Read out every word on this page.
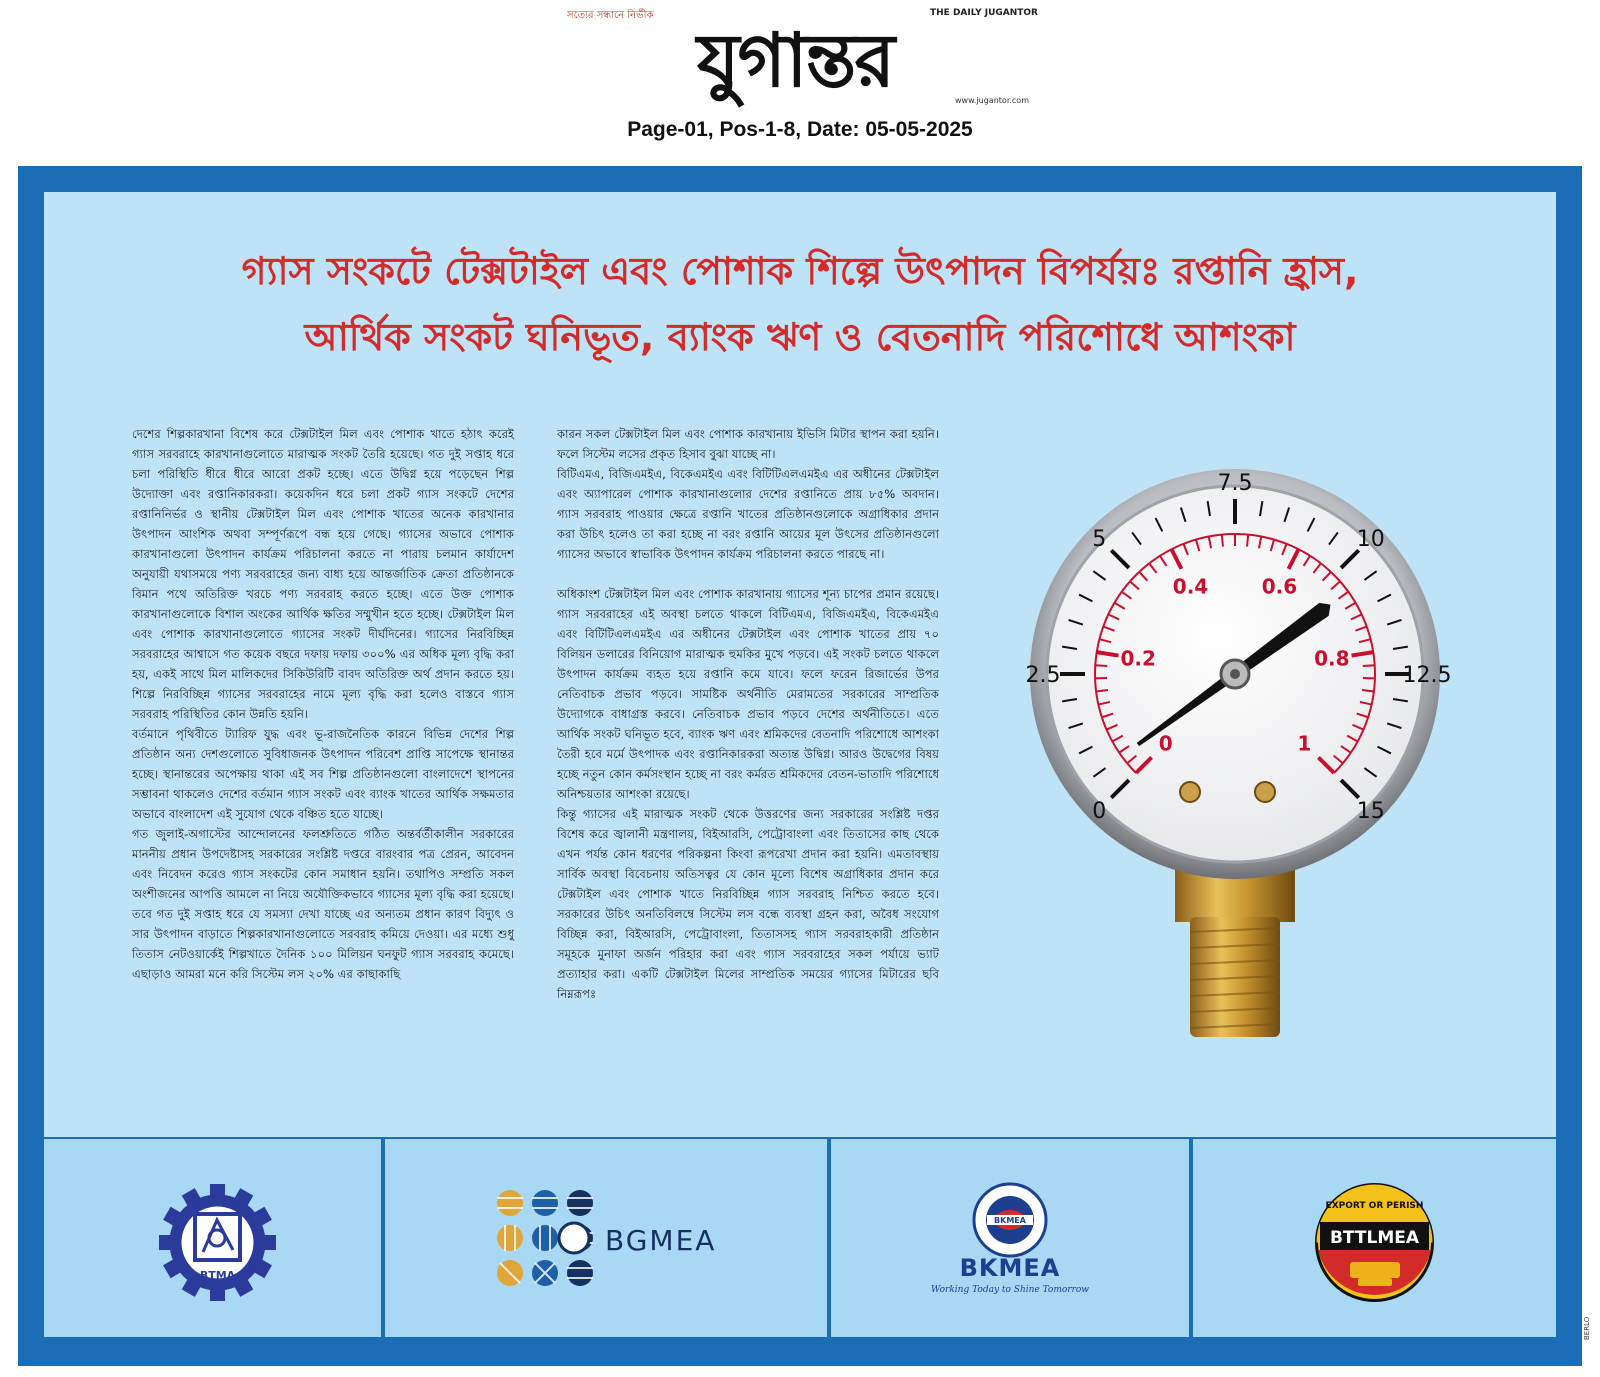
সত্যের সন্ধানে নির্ভীক	THE DAILY JUGANTOR
যুগান্তর	www.jugantor.com
Page-01, Pos-1-8, Date: 05-05-2025
গ্যাস সংকটে টেক্সটাইল এবং পোশাক শিল্পে উৎপাদন বিপর্যয়ঃ রপ্তানি হ্রাস,
আর্থিক সংকট ঘনিভূত, ব্যাংক ঋণ ও বেতনাদি পরিশোধে আশংকা

দেশের শিল্পকারখানা বিশেষ করে টেক্সটাইল মিল এবং পোশাক খাতে হঠাৎ করেই গ্যাস সরবরাহে কারখানাগুলোতে মারাত্মক সংকট তৈরি হয়েছে। গত দুই সপ্তাহ ধরে চলা পরিস্থিতি ধীরে ধীরে আরো প্রকট হচ্ছে। এতে উদ্বিগ্ন হয়ে পড়েছেন শিল্প উদ্যোক্তা এবং রপ্তানিকারকরা। কয়েকদিন ধরে চলা প্রকট গ্যাস সংকটে দেশের রপ্তানিনির্ভর ও স্থানীয় টেক্সটাইল মিল এবং পোশাক খাতের অনেক কারখানার উৎপাদন আংশিক অথবা সম্পূর্ণরূপে বন্ধ হয়ে গেছে। গ্যাসের অভাবে পোশাক কারখানাগুলো উৎপাদন কার্যক্রম পরিচালনা করতে না পারায় চলমান কার্যাদেশ অনুযায়ী যথাসময়ে পণ্য সরবরাহের জন্য বাধ্য হয়ে আন্তর্জাতিক ক্রেতা প্রতিষ্ঠানকে বিমান পথে অতিরিক্ত খরচে পণ্য সরবরাহ করতে হচ্ছে। এতে উক্ত পোশাক কারখানাগুলোকে বিশাল অংকের আর্থিক ক্ষতির সম্মুখীন হতে হচ্ছে। টেক্সটাইল মিল এবং পোশাক কারখানাগুলোতে গ্যাসের সংকট দীর্ঘদিনের। গ্যাসের নিরবিচ্ছিন্ন সরবরাহের আশ্বাসে গত কয়েক বছরে দফায় দফায় ৩০০% এর অধিক মূল্য বৃদ্ধি করা হয়, একই সাথে মিল মালিকদের সিকিউরিটি বাবদ অতিরিক্ত অর্থ প্রদান করতে হয়। শিল্পে নিরবিচ্ছিন্ন গ্যাসের সরবরাহের নামে মূল্য বৃদ্ধি করা হলেও বাস্তবে গ্যাস সরবরাহ পরিস্থিতির কোন উন্নতি হয়নি।

বর্তমানে পৃথিবীতে ট্যারিফ যুদ্ধ এবং ভূ-রাজনৈতিক কারনে বিভিন্ন দেশের শিল্প প্রতিষ্ঠান অন্য দেশগুলোতে সুবিধাজনক উৎপাদন পরিবেশ প্রাপ্তি সাপেক্ষে স্থানান্তর হচ্ছে। স্থানান্তরের অপেক্ষায় থাকা এই সব শিল্প প্রতিষ্ঠানগুলো বাংলাদেশে স্থাপনের সম্ভাবনা থাকলেও দেশের বর্তমান গ্যাস সংকট এবং ব্যাংক খাতের আর্থিক সক্ষমতার অভাবে বাংলাদেশ এই সুযোগ থেকে বঞ্চিত হতে যাচ্ছে।

গত জুলাই-অগাস্টের আন্দোলনের ফলশ্রুতিতে গঠিত অন্তর্বর্তীকালীন সরকারের মাননীয় প্রধান উপদেষ্টাসহ সরকারের সংশ্লিষ্ট দপ্তরে বারংবার পত্র প্রেরন, আবেদন এবং নিবেদন করেও গ্যাস সংকটের কোন সমাধান হয়নি। তথাপিও সম্প্রতি সকল অংশীজনের আপত্তি আমলে না নিয়ে অযৌক্তিকভাবে গ্যাসের মূল্য বৃদ্ধি করা হয়েছে। তবে গত দুই সপ্তাহ ধরে যে সমস্যা দেখা যাচ্ছে এর অন্যতম প্রধান কারণ বিদ্যুৎ ও সার উৎপাদন বাড়াতে শিল্পকারখানাগুলোতে সরবরাহ কমিয়ে দেওয়া। এর মধ্যে শুধু তিতাস নেটওয়ার্কেই শিল্পখাতে দৈনিক ১০০ মিলিয়ন ঘনফুট গ্যাস সরবরাহ কমেছে। এছাড়াও আমরা মনে করি সিস্টেম লস ২০% এর কাছাকাছি

কারন সকল টেক্সটাইল মিল এবং পোশাক কারখানায় ইভিসি মিটার স্থাপন করা হয়নি। ফলে সিস্টেম লসের প্রকৃত হিসাব বুঝা যাচ্ছে না।

বিটিএমএ, বিজিএমইএ, বিকেএমইএ এবং বিটিটিএলএমইএ এর অধীনের টেক্সটাইল এবং অ্যাপারেল পোশাক কারখানাগুলোর দেশের রপ্তানিতে প্রায় ৮৫% অবদান। গ্যাস সরবরাহ পাওয়ার ক্ষেত্রে রপ্তানি খাতের প্রতিষ্ঠানগুলোকে অগ্রাধিকার প্রদান করা উচিৎ হলেও তা করা হচ্ছে না বরং রপ্তানি আয়ের মূল উৎসের প্রতিষ্ঠানগুলো গ্যাসের অভাবে স্বাভাবিক উৎপাদন কার্যক্রম পরিচালনা করতে পারছে না।

অধিকাংশ টেক্সটাইল মিল এবং পোশাক কারখানায় গ্যাসের শূন্য চাপের প্রমান রয়েছে। গ্যাস সরবরাহের এই অবস্থা চলতে থাকলে বিটিএমএ, বিজিএমইএ, বিকেএমইএ এবং বিটিটিএলএমইএ এর অধীনের টেক্সটাইল এবং পোশাক খাতের প্রায় ৭০ বিলিয়ন ডলারের বিনিয়োগ মারাত্মক হুমকির মুখে পড়বে। এই সংকট চলতে থাকলে উৎপাদন কার্যক্রম ব্যহত হয়ে রপ্তানি কমে যাবে। ফলে ফরেন রিজার্ভের উপর নেতিবাচক প্রভাব পড়বে। সামষ্টিক অর্থনীতি মেরামতের সরকারের সাম্প্রতিক উদ্যোগকে বাধাগ্রস্ত করবে। নেতিবাচক প্রভাব পড়বে দেশের অর্থনীতিতে। এতে আর্থিক সংকট ঘনিভূত হবে, ব্যাংক ঋণ এবং শ্রমিকদের বেতনাদি পরিশোধে আশংকা তৈরী হবে মর্মে উৎপাদক এবং রপ্তানিকারকরা অত্যন্ত উদ্বিগ্ন। আরও উদ্বেগের বিষয় হচ্ছে নতুন কোন কর্মসংস্থান হচ্ছে না বরং কর্মরত শ্রমিকদের বেতন-ভাতাদি পরিশোধে অনিশ্চয়তার আশংকা রয়েছে।

কিন্তু গ্যাসের এই মারাত্মক সংকট থেকে উত্তরণের জন্য সরকারের সংশ্লিষ্ট দপ্তর বিশেষ করে জ্বালানী মন্ত্রণালয়, বিইআরসি, পেট্রোবাংলা এবং তিতাসের কাছ থেকে এখন পর্যন্ত কোন ধরণের পরিকল্পনা কিংবা রূপরেখা প্রদান করা হয়নি। এমতাবস্থায় সার্বিক অবস্থা বিবেচনায় অতিসত্বর যে কোন মূল্যে বিশেষ অগ্রাধিকার প্রদান করে টেক্সটাইল এবং পোশাক খাতে নিরবিচ্ছিন্ন গ্যাস সরবরাহ নিশ্চিত করতে হবে। সরকারের উচিৎ অনতিবিলম্বে সিস্টেম লস বন্ধে ব্যবস্থা গ্রহন করা, অবৈধ সংযোগ বিচ্ছিন্ন করা, বিইআরসি, পেট্রোবাংলা, তিতাসসহ গ্যাস সরবরাহকারী প্রতিষ্ঠান সমূহকে মুনাফা অর্জন পরিহার করা এবং গ্যাস সরবরাহের সকল পর্যায়ে ভ্যাট প্রত্যাহার করা। একটি টেক্সটাইল মিলের সাম্প্রতিক সময়ের গ্যাসের মিটারের ছবি নিম্নরূপঃ

0
2.5
5
7.5
10
12.5
15
0
0.2
0.4	0.6
0.8
1
BTMA
BGMEA
BKMEA
BKMEA
Working Today to Shine Tomorrow
BTTLMEA
EXPORT OR PERISH
BERLO
